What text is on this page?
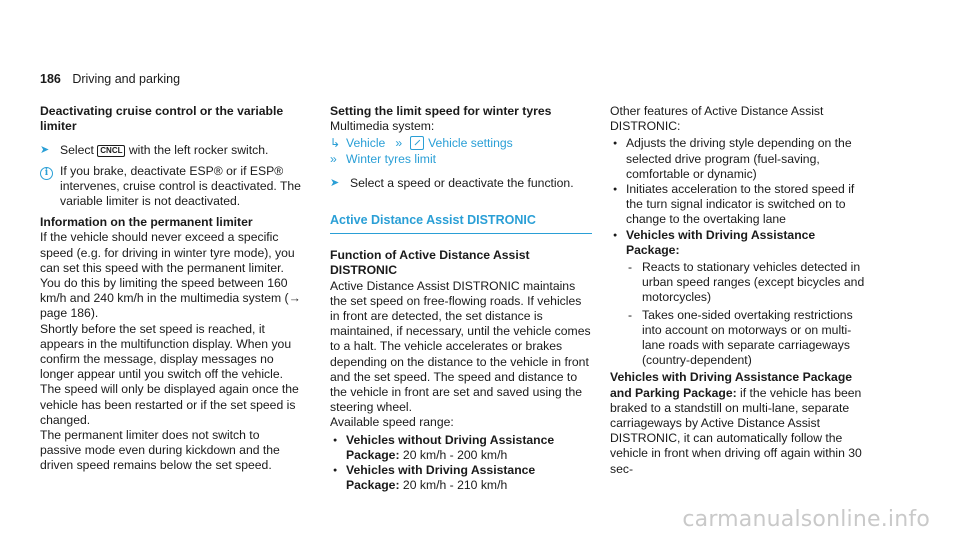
186 Driving and parking

Deactivating cruise control or the variable limiter

➤ Select CNCL with the left rocker switch.
i If you brake, deactivate ESP® or if ESP® intervenes, cruise control is deactivated. The variable limiter is not deactivated.

Information on the permanent limiter

If the vehicle should never exceed a specific speed (e.g. for driving in winter tyre mode), you can set this speed with the permanent limiter.

You do this by limiting the speed between 160 km/h and 240 km/h in the multimedia system (→ page 186).

Shortly before the set speed is reached, it appears in the multifunction display. When you confirm the message, display messages no longer appear until you switch off the vehicle. The speed will only be displayed again once the vehicle has been restarted or if the set speed is changed.

The permanent limiter does not switch to passive mode even during kickdown and the driven speed remains below the set speed.

Setting the limit speed for winter tyres

Multimedia system:

↳ Vehicle » Vehicle settings
» Winter tyres limit
➤ Select a speed or deactivate the function.
Active Distance Assist DISTRONIC

Function of Active Distance Assist DISTRONIC

Active Distance Assist DISTRONIC maintains the set speed on free-flowing roads. If vehicles in front are detected, the set distance is maintained, if necessary, until the vehicle comes to a halt. The vehicle accelerates or brakes depending on the distance to the vehicle in front and the set speed. The speed and distance to the vehicle in front are set and saved using the steering wheel.

Available speed range:

● Vehicles without Driving Assistance Package: 20 km/h - 200 km/h
● Vehicles with Driving Assistance Package: 20 km/h - 210 km/h

Other features of Active Distance Assist DISTRONIC:

● Adjusts the driving style depending on the selected drive program (fuel-saving, comfortable or dynamic)
● Initiates acceleration to the stored speed if the turn signal indicator is switched on to change to the overtaking lane
● Vehicles with Driving Assistance Package:
- Reacts to stationary vehicles detected in urban speed ranges (except bicycles and motorcycles)
- Takes one-sided overtaking restrictions into account on motorways or on multi-lane roads with separate carriageways (country-dependent)

Vehicles with Driving Assistance Package and Parking Package: if the vehicle has been braked to a standstill on multi-lane, separate carriageways by Active Distance Assist DISTRONIC, it can automatically follow the vehicle in front when driving off again within 30 sec-

carmanualsonline.info
